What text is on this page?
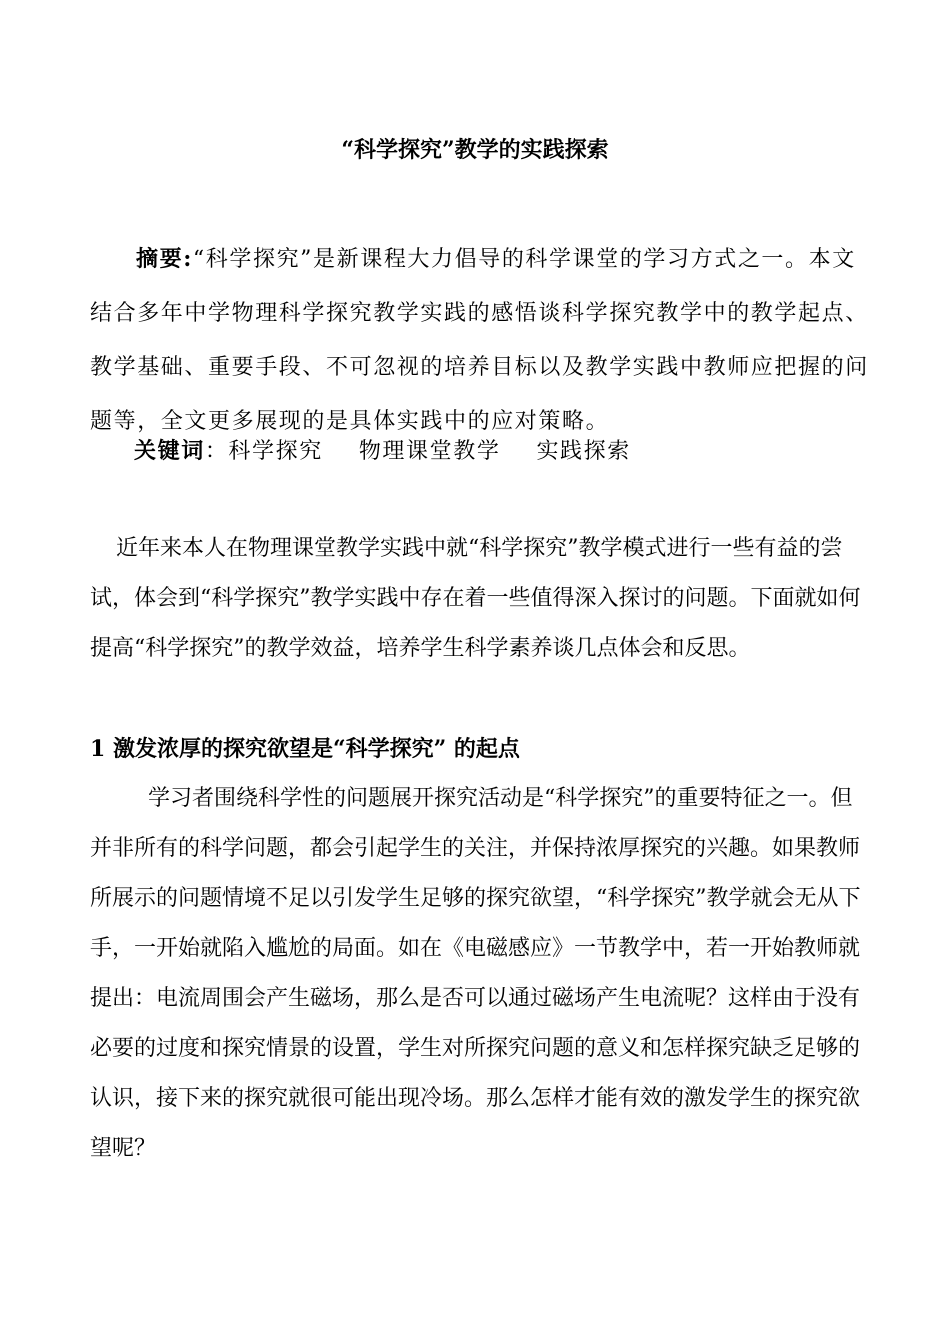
“科学探究”教学的实践探索

摘要:“科学探究”是新课程大力倡导的科学课堂的学习方式之一。本文结合多年中学物理科学探究教学实践的感悟谈科学探究教学中的教学起点、教学基础、重要手段、不可忽视的培养目标以及教学实践中教师应把握的问题等，全文更多展现的是具体实践中的应对策略。

关键词：科学探究 物理课堂教学 实践探索

近年来本人在物理课堂教学实践中就“科学探究”教学模式进行一些有益的尝试，体会到“科学探究”教学实践中存在着一些值得深入探讨的问题。下面就如何提高“科学探究”的教学效益，培养学生科学素养谈几点体会和反思。

1 激发浓厚的探究欲望是“科学探究” 的起点

学习者围绕科学性的问题展开探究活动是“科学探究”的重要特征之一。但并非所有的科学问题，都会引起学生的关注，并保持浓厚探究的兴趣。如果教师所展示的问题情境不足以引发学生足够的探究欲望，“科学探究”教学就会无从下手，一开始就陷入尴尬的局面。如在《电磁感应》一节教学中，若一开始教师就提出：电流周围会产生磁场，那么是否可以通过磁场产生电流呢？这样由于没有必要的过度和探究情景的设置，学生对所探究问题的意义和怎样探究缺乏足够的认识，接下来的探究就很可能出现冷场。那么怎样才能有效的激发学生的探究欲望呢？
